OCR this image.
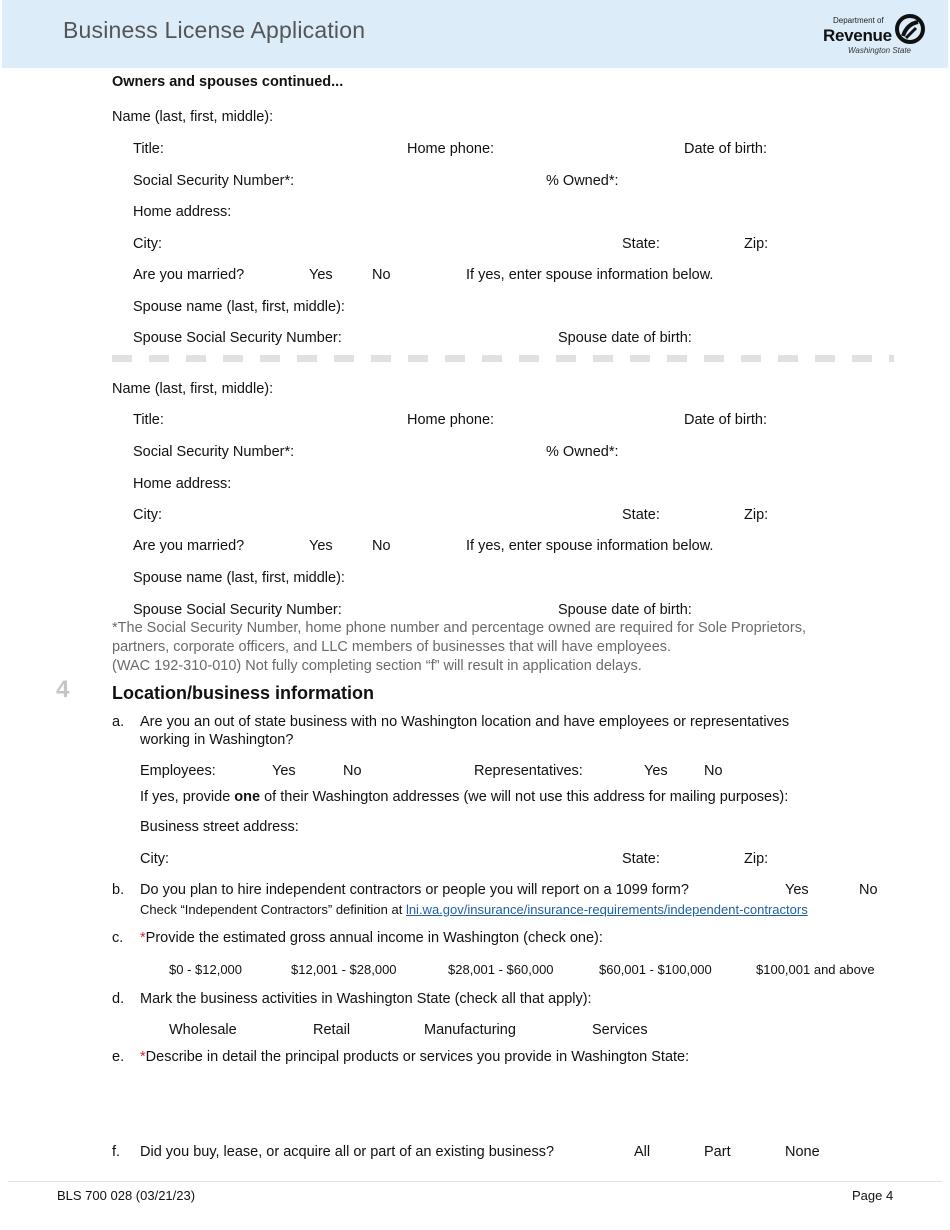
Business License Application	Department of
Revenue
Washington State
Owners and spouses continued...
Name (last, first, middle):
Title:	Home phone:	Date of birth:
Social Security Number*:	% Owned*:
Home address:
City:	State:	Zip:
Are you married?	Yes	No	If yes, enter spouse information below.
Spouse name (last, first, middle):
Spouse Social Security Number:	Spouse date of birth:
Name (last, first, middle):
Title:	Home phone:	Date of birth:
Social Security Number*:	% Owned*:
Home address:
City:	State:	Zip:
Are you married?	Yes	No	If yes, enter spouse information below.
Spouse name (last, first, middle):
Spouse Social Security Number:	Spouse date of birth:
*The Social Security Number, home phone number and percentage owned are required for Sole Proprietors,
partners, corporate officers, and LLC members of businesses that will have employees.
(WAC 192-310-010) Not fully completing section “f” will result in application delays.
4 Location/business information
a. Are you an out of state business with no Washington location and have employees or representatives
working in Washington?
Employees:	Yes	No	Representatives:	Yes	No
If yes, provide one of their Washington addresses (we will not use this address for mailing purposes):
Business street address:
City:	State:	Zip:
b. Do you plan to hire independent contractors or people you will report on a 1099 form?	Yes	No
Check “Independent Contractors” definition at lni.wa.gov/insurance/insurance-requirements/independent-contractors
c. *Provide the estimated gross annual income in Washington (check one):
$0 - $12,000	$12,001 - $28,000	$28,001 - $60,000	$60,001 - $100,000	$100,001 and above
d. Mark the business activities in Washington State (check all that apply):
Wholesale	Retail	Manufacturing	Services
e. *Describe in detail the principal products or services you provide in Washington State:
f. Did you buy, lease, or acquire all or part of an existing business?	All	Part	None
BLS 700 028 (03/21/23)	Page 4
